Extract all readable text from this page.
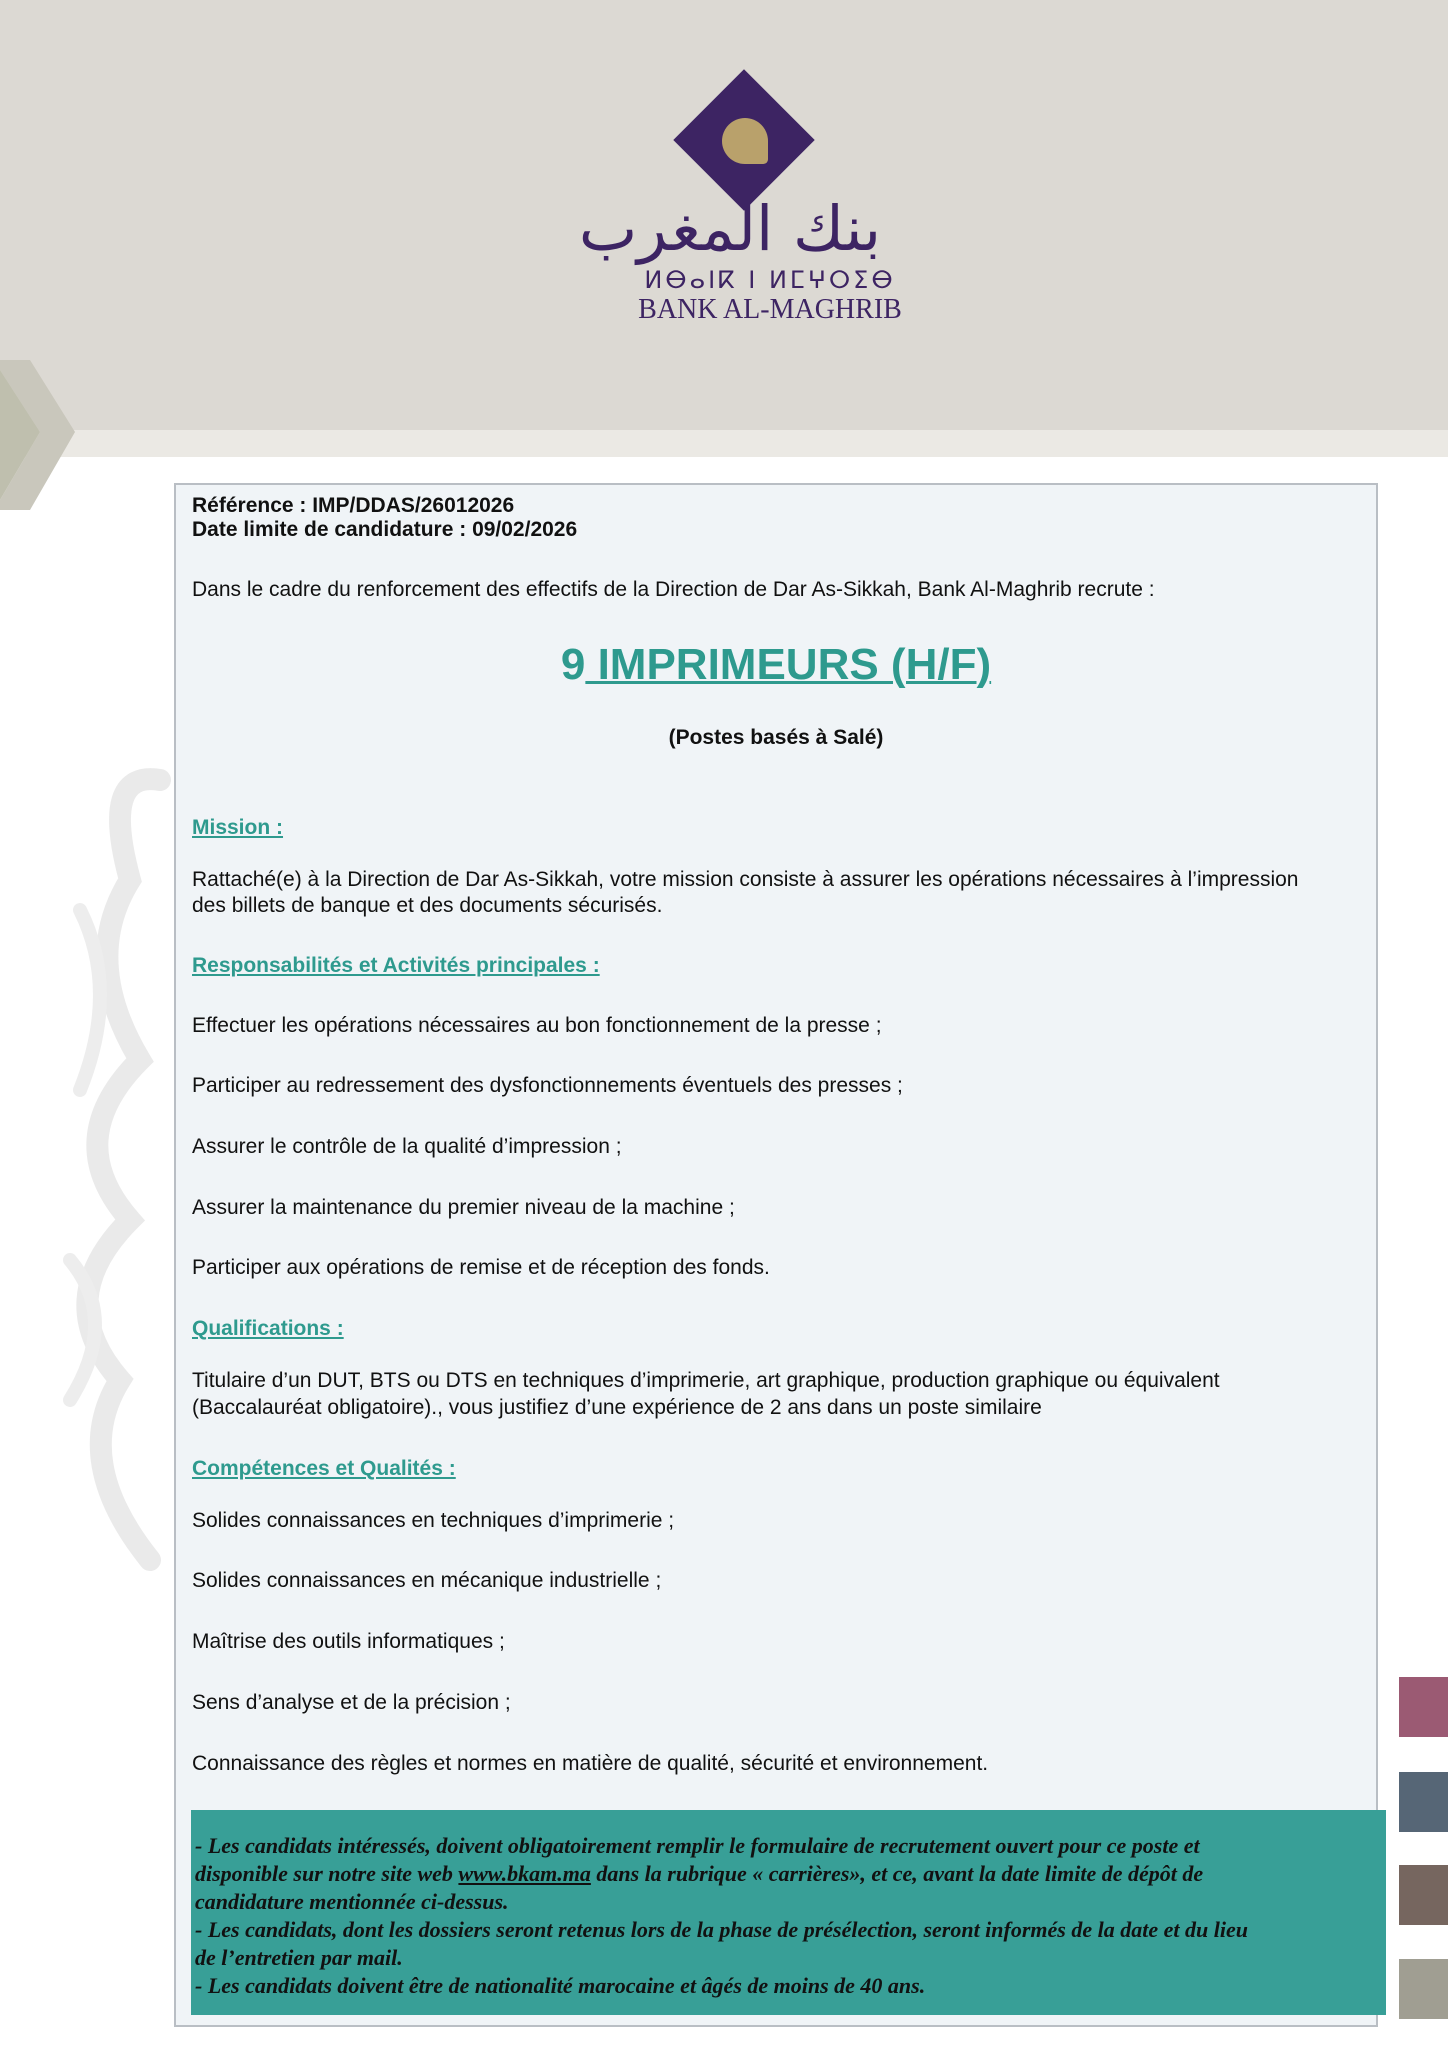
بنك المغرب
ⵍⴱⴰⵏⴽ ⵏ ⵍⵎⵖⵔⵉⴱ
BANK AL-MAGHRIB
Référence : IMP/DDAS/26012026
Date limite de candidature : 09/02/2026
Dans le cadre du renforcement des effectifs de la Direction de Dar As-Sikkah, Bank Al-Maghrib recrute :
9 IMPRIMEURS (H/F)
(Postes basés à Salé)
Mission :
Rattaché(e) à la Direction de Dar As-Sikkah, votre mission consiste à assurer les opérations nécessaires à l’impression
des billets de banque et des documents sécurisés.
Responsabilités et Activités principales :
Effectuer les opérations nécessaires au bon fonctionnement de la presse ;
Participer au redressement des dysfonctionnements éventuels des presses ;
Assurer le contrôle de la qualité d’impression ;
Assurer la maintenance du premier niveau de la machine ;
Participer aux opérations de remise et de réception des fonds.
Qualifications :
Titulaire d’un DUT, BTS ou DTS en techniques d’imprimerie, art graphique, production graphique ou équivalent
(Baccalauréat obligatoire)., vous justifiez d’une expérience de 2 ans dans un poste similaire
Compétences et Qualités :
Solides connaissances en techniques d’imprimerie ;
Solides connaissances en mécanique industrielle ;
Maîtrise des outils informatiques ;
Sens d’analyse et de la précision ;
Connaissance des règles et normes en matière de qualité, sécurité et environnement.
- Les candidats intéressés, doivent obligatoirement remplir le formulaire de recrutement ouvert pour ce poste et
disponible sur notre site web www.bkam.ma dans la rubrique « carrières», et ce, avant la date limite de dépôt de
candidature mentionnée ci-dessus.
- Les candidats, dont les dossiers seront retenus lors de la phase de présélection, seront informés de la date et du lieu
de l’entretien par mail.
- Les candidats doivent être de nationalité marocaine et âgés de moins de 40 ans.
